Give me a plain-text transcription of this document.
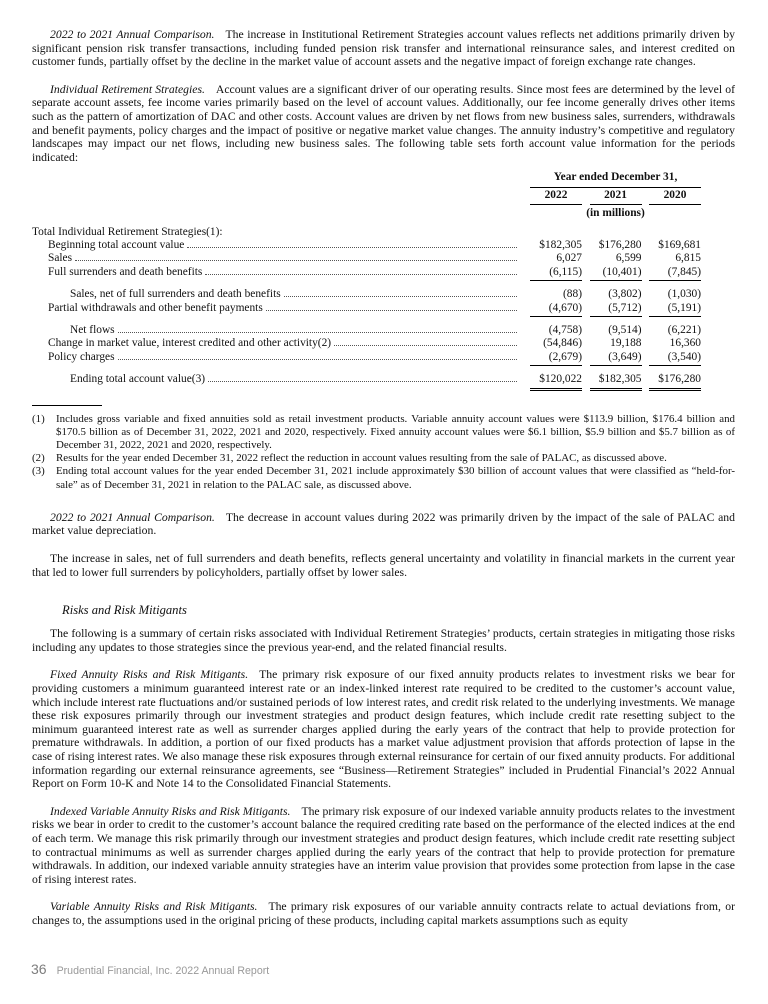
2022 to 2021 Annual Comparison. The increase in Institutional Retirement Strategies account values reflects net additions primarily driven by significant pension risk transfer transactions, including funded pension risk transfer and international reinsurance sales, and interest credited on customer funds, partially offset by the decline in the market value of account assets and the negative impact of foreign exchange rate changes.

Individual Retirement Strategies. Account values are a significant driver of our operating results. Since most fees are determined by the level of separate account assets, fee income varies primarily based on the level of account values. Additionally, our fee income generally drives other items such as the pattern of amortization of DAC and other costs. Account values are driven by net flows from new business sales, surrenders, withdrawals and benefit payments, policy charges and the impact of positive or negative market value changes. The annuity industry’s competitive and regulatory landscapes may impact our net flows, including new business sales. The following table sets forth account value information for the periods indicated:

Year ended December 31,
2022	2021	2020
(in millions)
Total Individual Retirement Strategies(1):
Beginning total account value	$182,305	$176,280	$169,681
Sales	6,027	6,599	6,815
Full surrenders and death benefits	(6,115)	(10,401)	(7,845)
Sales, net of full surrenders and death benefits	(88)	(3,802)	(1,030)
Partial withdrawals and other benefit payments	(4,670)	(5,712)	(5,191)
Net flows	(4,758)	(9,514)	(6,221)
Change in market value, interest credited and other activity(2)	(54,846)	19,188	16,360
Policy charges	(2,679)	(3,649)	(3,540)
Ending total account value(3)	$120,022	$182,305	$176,280
(1)	Includes gross variable and fixed annuities sold as retail investment products. Variable annuity account values were $113.9 billion, $176.4 billion and $170.5 billion as of December 31, 2022, 2021 and 2020, respectively. Fixed annuity account values were $6.1 billion, $5.9 billion and $5.7 billion as of December 31, 2022, 2021 and 2020, respectively.
(2)	Results for the year ended December 31, 2022 reflect the reduction in account values resulting from the sale of PALAC, as discussed above.
(3)	Ending total account values for the year ended December 31, 2021 include approximately $30 billion of account values that were classified as “held-for-sale” as of December 31, 2021 in relation to the PALAC sale, as discussed above.

2022 to 2021 Annual Comparison. The decrease in account values during 2022 was primarily driven by the impact of the sale of PALAC and market value depreciation.

The increase in sales, net of full surrenders and death benefits, reflects general uncertainty and volatility in financial markets in the current year that led to lower full surrenders by policyholders, partially offset by lower sales.

Risks and Risk Mitigants

The following is a summary of certain risks associated with Individual Retirement Strategies’ products, certain strategies in mitigating those risks including any updates to those strategies since the previous year-end, and the related financial results.

Fixed Annuity Risks and Risk Mitigants. The primary risk exposure of our fixed annuity products relates to investment risks we bear for providing customers a minimum guaranteed interest rate or an index-linked interest rate required to be credited to the customer’s account value, which include interest rate fluctuations and/or sustained periods of low interest rates, and credit risk related to the underlying investments. We manage these risk exposures primarily through our investment strategies and product design features, which include credit rate resetting subject to the minimum guaranteed interest rate as well as surrender charges applied during the early years of the contract that help to provide protection for premature withdrawals. In addition, a portion of our fixed products has a market value adjustment provision that affords protection of lapse in the case of rising interest rates. We also manage these risk exposures through external reinsurance for certain of our fixed annuity products. For additional information regarding our external reinsurance agreements, see “Business—Retirement Strategies” included in Prudential Financial’s 2022 Annual Report on Form 10-K and Note 14 to the Consolidated Financial Statements.

Indexed Variable Annuity Risks and Risk Mitigants. The primary risk exposure of our indexed variable annuity products relates to the investment risks we bear in order to credit to the customer’s account balance the required crediting rate based on the performance of the elected indices at the end of each term. We manage this risk primarily through our investment strategies and product design features, which include credit rate resetting subject to contractual minimums as well as surrender charges applied during the early years of the contract that help to provide protection for premature withdrawals. In addition, our indexed variable annuity strategies have an interim value provision that provides some protection from lapse in the case of rising interest rates.

Variable Annuity Risks and Risk Mitigants. The primary risk exposures of our variable annuity contracts relate to actual deviations from, or changes to, the assumptions used in the original pricing of these products, including capital markets assumptions such as equity

36 Prudential Financial, Inc. 2022 Annual Report
